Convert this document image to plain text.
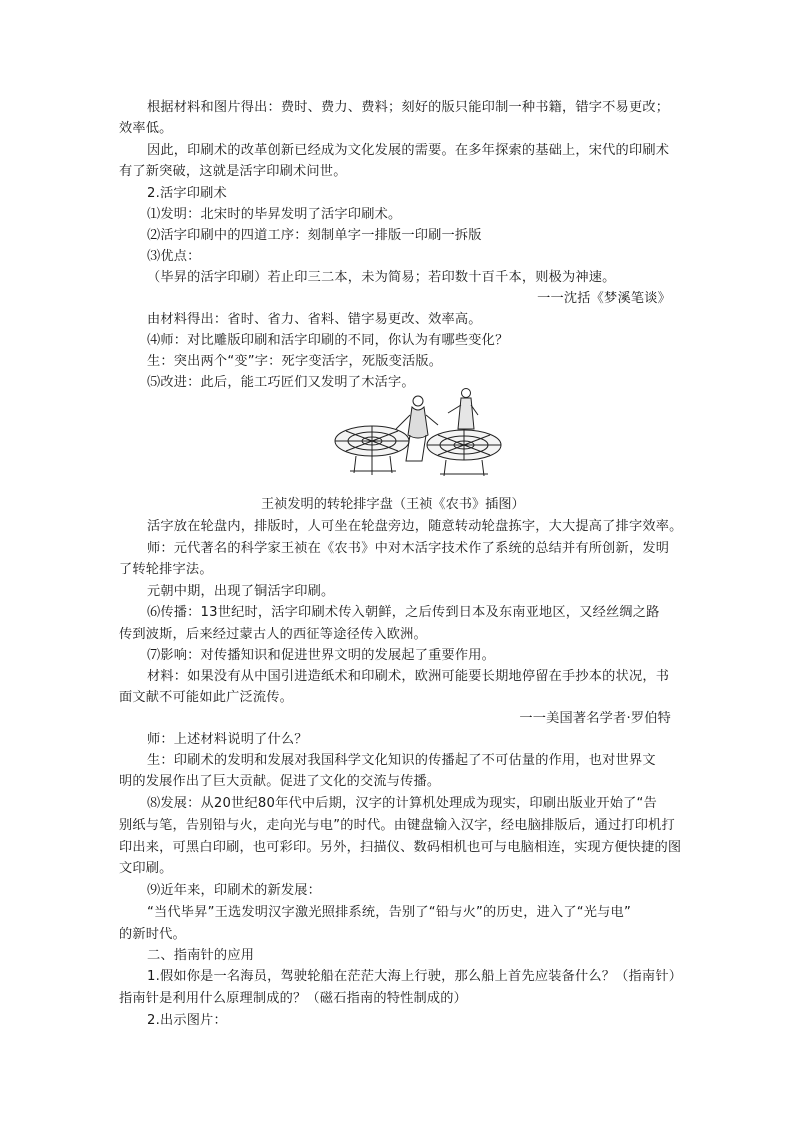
根据材料和图片得出：费时、费力、费料；刻好的版只能印制一种书籍，错字不易更改；
效率低。
因此，印刷术的改革创新已经成为文化发展的需要。在多年探索的基础上，宋代的印刷术
有了新突破，这就是活字印刷术问世。
2.活字印刷术
⑴发明：北宋时的毕昇发明了活字印刷术。
⑵活字印刷中的四道工序：刻制单字一排版一印刷一拆版
⑶优点：
（毕昇的活字印刷）若止印三二本，未为简易；若印数十百千本，则极为神速。
一一沈括《梦溪笔谈》
由材料得出：省时、省力、省料、错字易更改、效率高。
⑷师：对比雕版印刷和活字印刷的不同，你认为有哪些变化？
生：突出两个“变”字：死字变活字，死版变活版。
⑸改进：此后，能工巧匠们又发明了木活字。
王祯发明的转轮排字盘（王祯《农书》插图）
活字放在轮盘内，排版时，人可坐在轮盘旁边，随意转动轮盘拣字，大大提高了排字效率。
师：元代著名的科学家王祯在《农书》中对木活字技术作了系统的总结并有所创新，发明
了转轮排字法。
元朝中期，出现了铜活字印刷。
⑹传播：13世纪时，活字印刷术传入朝鲜，之后传到日本及东南亚地区，又经丝绸之路
传到波斯，后来经过蒙古人的西征等途径传入欧洲。
⑺影响：对传播知识和促进世界文明的发展起了重要作用。
材料：如果没有从中国引进造纸术和印刷术，欧洲可能要长期地停留在手抄本的状况，书
面文献不可能如此广泛流传。
一一美国著名学者·罗伯特
师：上述材料说明了什么？
生：印刷术的发明和发展对我国科学文化知识的传播起了不可估量的作用，也对世界文
明的发展作出了巨大贡献。促进了文化的交流与传播。
⑻发展：从20世纪80年代中后期，汉字的计算机处理成为现实，印刷出版业开始了“告
别纸与笔，告别铅与火，走向光与电”的时代。由键盘输入汉字，经电脑排版后，通过打印机打
印出来，可黑白印刷，也可彩印。另外，扫描仪、数码相机也可与电脑相连，实现方便快捷的图
文印刷。
⑼近年来，印刷术的新发展：
“当代毕昇”王选发明汉字激光照排系统，告别了“铅与火”的历史，进入了“光与电”
的新时代。
二、指南针的应用
1.假如你是一名海员，驾驶轮船在茫茫大海上行驶，那么船上首先应装备什么？（指南针）
指南针是利用什么原理制成的？（磁石指南的特性制成的）
2.出示图片：
